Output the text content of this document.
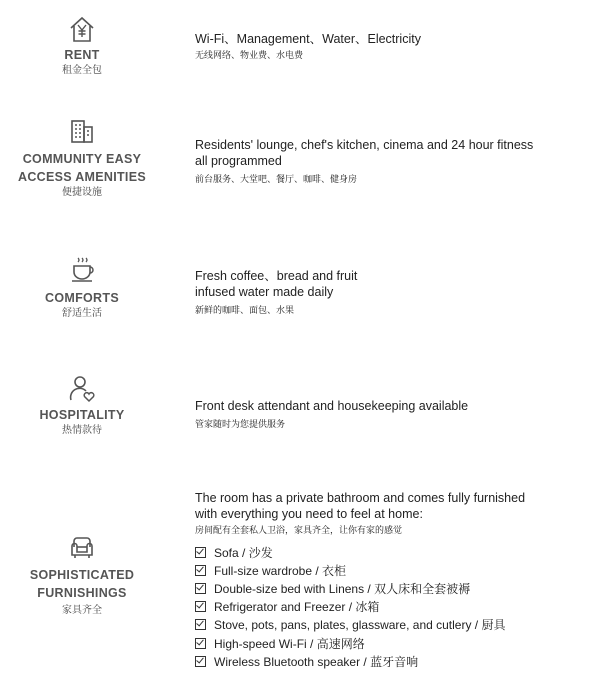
RENT
租金全包
Wi-Fi、Management、Water、Electricity
无线网络、物业费、水电费
COMMUNITY EASY
ACCESS AMENITIES
便捷设施
Residents' lounge, chef's kitchen, cinema and 24 hour fitness
all programmed
前台服务、大堂吧、餐厅、咖啡、健身房
COMFORTS
舒适生活
Fresh coffee、bread and fruit
infused water made daily
新鲜的咖啡、面包、水果
HOSPITALITY
热情款待
Front desk attendant and housekeeping available
管家随时为您提供服务
SOPHISTICATED
FURNISHINGS
家具齐全
The room has a private bathroom and comes fully furnished
with everything you need to feel at home:
房间配有全套私人卫浴，家具齐全，让你有家的感觉
Sofa / 沙发
Full-size wardrobe / 衣柜
Double-size bed with Linens / 双人床和全套被褥
Refrigerator and Freezer / 冰箱
Stove, pots, pans, plates, glassware, and cutlery / 厨具
High-speed Wi-Fi / 高速网络
Wireless Bluetooth speaker / 蓝牙音响
